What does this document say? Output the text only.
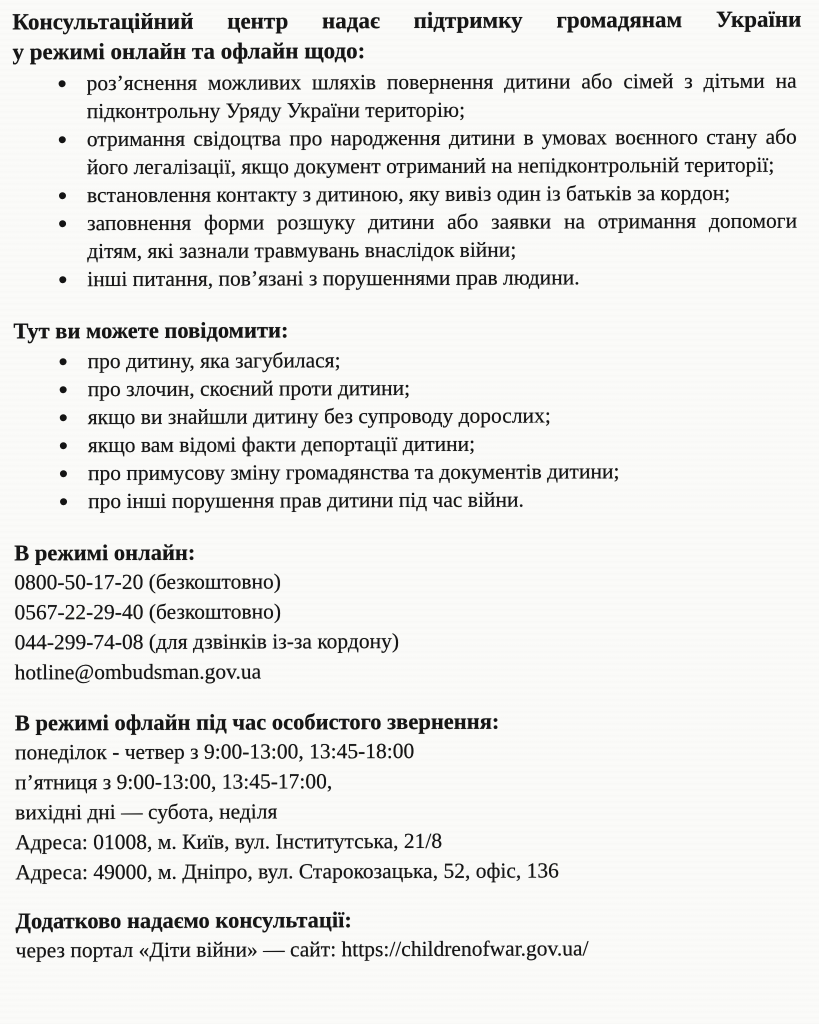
Консультаційний центр надає підтримку громадянам України
у режимі онлайн та офлайн щодо:
роз’яснення можливих шляхів повернення дитини або сімей з дітьми на підконтрольну Уряду України територію;
отримання свідоцтва про народження дитини в умовах воєнного стану або його легалізації, якщо документ отриманий на непідконтрольній території;
встановлення контакту з дитиною, яку вивіз один із батьків за кордон;
заповнення форми розшуку дитини або заявки на отримання допомоги дітям, які зазнали травмувань внаслідок війни;
інші питання, пов’язані з порушеннями прав людини.
Тут ви можете повідомити:
про дитину, яка загубилася;
про злочин, скоєний проти дитини;
якщо ви знайшли дитину без супроводу дорослих;
якщо вам відомі факти депортації дитини;
про примусову зміну громадянства та документів дитини;
про інші порушення прав дитини під час війни.
В режимі онлайн:

0800-50-17-20 (безкоштовно)

0567-22-29-40 (безкоштовно)

044-299-74-08 (для дзвінків із-за кордону)

hotline@ombudsman.gov.ua

В режимі офлайн під час особистого звернення:

понеділок - четвер з 9:00-13:00, 13:45-18:00

п’ятниця з 9:00-13:00, 13:45-17:00,

вихідні дні — субота, неділя

Адреса: 01008, м. Київ, вул. Інститутська, 21/8

Адреса: 49000, м. Дніпро, вул. Старокозацька, 52, офіс, 136

Додатково надаємо консультації:

через портал «Діти війни» — сайт: https://childrenofwar.gov.ua/
